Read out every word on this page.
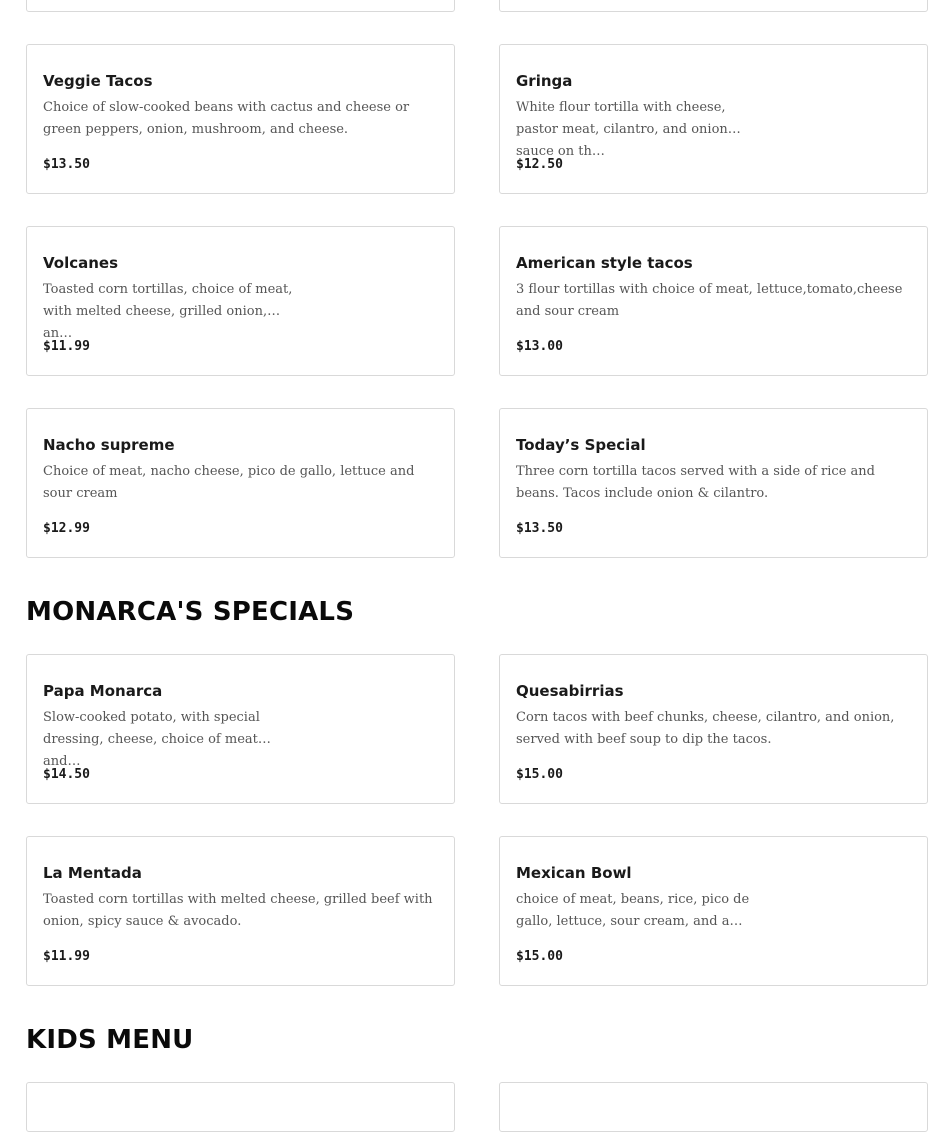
Veggie Tacos
Choice of slow-cooked beans with cactus and cheese or green peppers, onion, mushroom, and cheese.
$13.50
Gringa
White flour tortilla with cheese, pastor meat, cilantro, and onion sauce on th…
$12.50
Volcanes
Toasted corn tortillas, choice of meat, with melted cheese, grilled onion, an…
$11.99
American style tacos
3 flour tortillas with choice of meat, lettuce,tomato,cheese and sour cream
$13.00
Nacho supreme
Choice of meat, nacho cheese, pico de gallo, lettuce and sour cream
$12.99
Today’s Special
Three corn tortilla tacos served with a side of rice and beans. Tacos include onion & cilantro.
$13.50
MONARCA'S SPECIALS
Papa Monarca
Slow-cooked potato, with special dressing, cheese, choice of meat and…
$14.50
Quesabirrias
Corn tacos with beef chunks, cheese, cilantro, and onion, served with beef soup to dip the tacos.
$15.00
La Mentada
Toasted corn tortillas with melted cheese, grilled beef with onion, spicy sauce & avocado.
$11.99
Mexican Bowl
choice of meat, beans, rice, pico de gallo, lettuce, sour cream, and a…
$15.00
KIDS MENU
